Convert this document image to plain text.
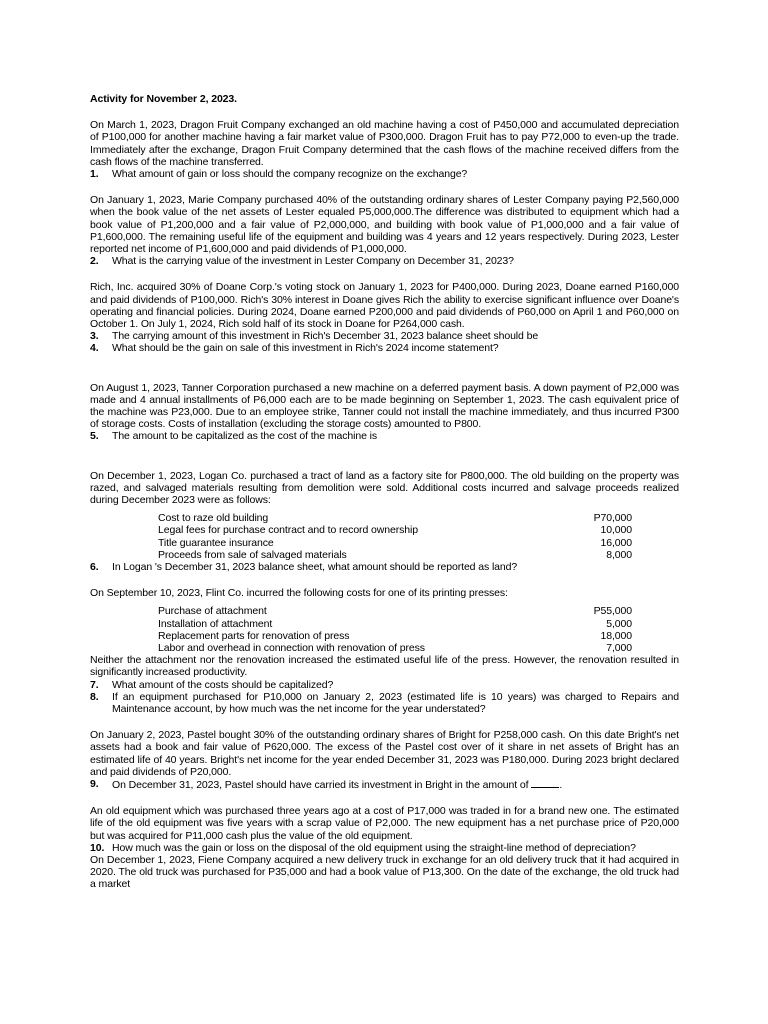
Activity for November 2, 2023.

On March 1, 2023, Dragon Fruit Company exchanged an old machine having a cost of P450,000 and accumulated depreciation of P100,000 for another machine having a fair market value of P300,000. Dragon Fruit has to pay P72,000 to even-up the trade. Immediately after the exchange, Dragon Fruit Company determined that the cash flows of the machine received differs from the cash flows of the machine transferred.

1.	What amount of gain or loss should the company recognize on the exchange?

On January 1, 2023, Marie Company purchased 40% of the outstanding ordinary shares of Lester Company paying P2,560,000 when the book value of the net assets of Lester equaled P5,000,000.The difference was distributed to equipment which had a book value of P1,200,000 and a fair value of P2,000,000, and building with book value of P1,000,000 and a fair value of P1,600,000. The remaining useful life of the equipment and building was 4 years and 12 years respectively. During 2023, Lester reported net income of P1,600,000 and paid dividends of P1,000,000.

2.	What is the carrying value of the investment in Lester Company on December 31, 2023?

Rich, Inc. acquired 30% of Doane Corp.'s voting stock on January 1, 2023 for P400,000. During 2023, Doane earned P160,000 and paid dividends of P100,000. Rich's 30% interest in Doane gives Rich the ability to exercise significant influence over Doane's operating and financial policies. During 2024, Doane earned P200,000 and paid dividends of P60,000 on April 1 and P60,000 on October 1. On July 1, 2024, Rich sold half of its stock in Doane for P264,000 cash.

3.	The carrying amount of this investment in Rich's December 31, 2023 balance sheet should be
4.	What should be the gain on sale of this investment in Rich's 2024 income statement?

On August 1, 2023, Tanner Corporation purchased a new machine on a deferred payment basis. A down payment of P2,000 was made and 4 annual installments of P6,000 each are to be made beginning on September 1, 2023. The cash equivalent price of the machine was P23,000. Due to an employee strike, Tanner could not install the machine immediately, and thus incurred P300 of storage costs. Costs of installation (excluding the storage costs) amounted to P800.

5.	The amount to be capitalized as the cost of the machine is

On December 1, 2023, Logan Co. purchased a tract of land as a factory site for P800,000. The old building on the property was razed, and salvaged materials resulting from demolition were sold. Additional costs incurred and salvage proceeds realized during December 2023 were as follows:

Cost to raze old building	P70,000
Legal fees for purchase contract and to record ownership	10,000
Title guarantee insurance	16,000
Proceeds from sale of salvaged materials	8,000
6.	In Logan 's December 31, 2023 balance sheet, what amount should be reported as land?

On September 10, 2023, Flint Co. incurred the following costs for one of its printing presses:

Purchase of attachment	P55,000
Installation of attachment	5,000
Replacement parts for renovation of press	18,000
Labor and overhead in connection with renovation of press	7,000

Neither the attachment nor the renovation increased the estimated useful life of the press. However, the renovation resulted in significantly increased productivity.

7.	What amount of the costs should be capitalized?
8.	If an equipment purchased for P10,000 on January 2, 2023 (estimated life is 10 years) was charged to Repairs and Maintenance account, by how much was the net income for the year understated?

On January 2, 2023, Pastel bought 30% of the outstanding ordinary shares of Bright for P258,000 cash. On this date Bright's net assets had a book and fair value of P620,000. The excess of the Pastel cost over of it share in net assets of Bright has an estimated life of 40 years. Bright's net income for the year ended December 31, 2023 was P180,000. During 2023 bright declared and paid dividends of P20,000.

9.	On December 31, 2023, Pastel should have carried its investment in Bright in the amount of	.

An old equipment which was purchased three years ago at a cost of P17,000 was traded in for a brand new one. The estimated life of the old equipment was five years with a scrap value of P2,000. The new equipment has a net purchase price of P20,000 but was acquired for P11,000 cash plus the value of the old equipment.

10. How much was the gain or loss on the disposal of the old equipment using the straight-line method of depreciation?

On December 1, 2023, Fiene Company acquired a new delivery truck in exchange for an old delivery truck that it had acquired in 2020. The old truck was purchased for P35,000 and had a book value of P13,300. On the date of the exchange, the old truck had a market
